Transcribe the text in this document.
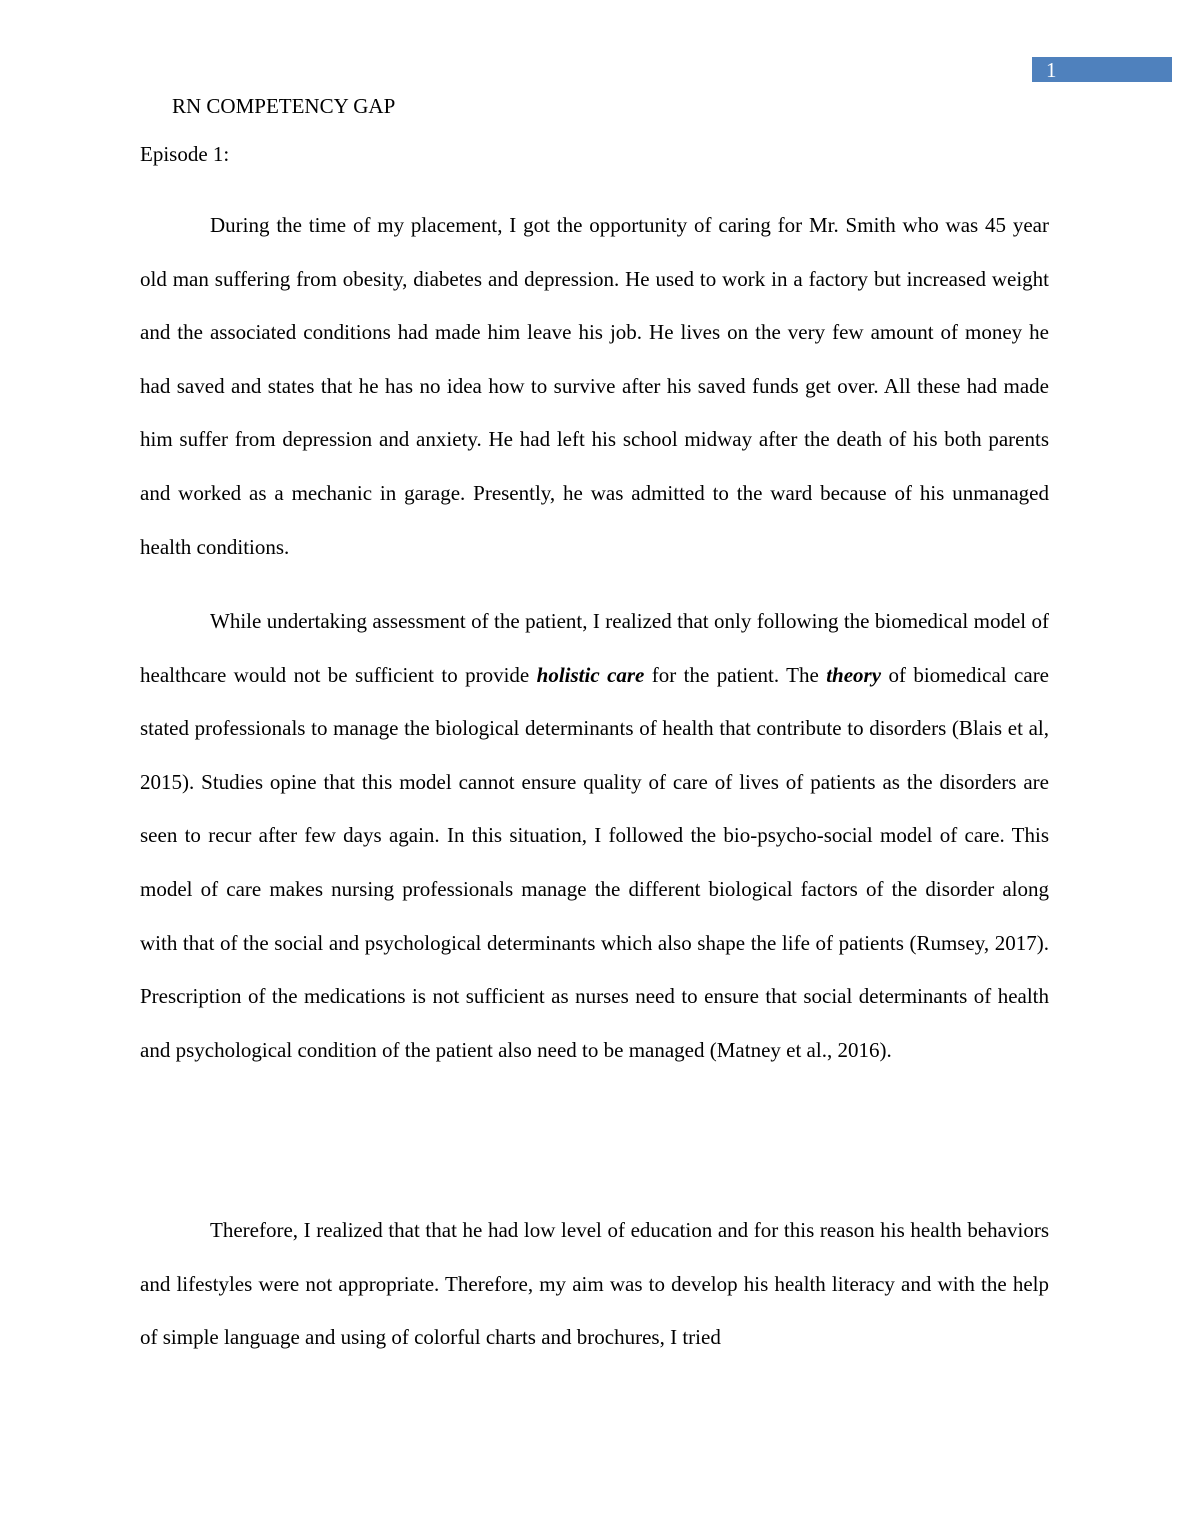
1
RN COMPETENCY GAP
Episode 1:

During the time of my placement, I got the opportunity of caring for Mr. Smith who was 45 year old man suffering from obesity, diabetes and depression. He used to work in a factory but increased weight and the associated conditions had made him leave his job. He lives on the very few amount of money he had saved and states that he has no idea how to survive after his saved funds get over. All these had made him suffer from depression and anxiety. He had left his school midway after the death of his both parents and worked as a mechanic in garage. Presently, he was admitted to the ward because of his unmanaged health conditions.

While undertaking assessment of the patient, I realized that only following the biomedical model of healthcare would not be sufficient to provide holistic care for the patient. The theory of biomedical care stated professionals to manage the biological determinants of health that contribute to disorders (Blais et al, 2015). Studies opine that this model cannot ensure quality of care of lives of patients as the disorders are seen to recur after few days again. In this situation, I followed the bio-psycho-social model of care. This model of care makes nursing professionals manage the different biological factors of the disorder along with that of the social and psychological determinants which also shape the life of patients (Rumsey, 2017). Prescription of the medications is not sufficient as nurses need to ensure that social determinants of health and psychological condition of the patient also need to be managed (Matney et al., 2016).

Therefore, I realized that that he had low level of education and for this reason his health behaviors and lifestyles were not appropriate. Therefore, my aim was to develop his health literacy and with the help of simple language and using of colorful charts and brochures, I tried
